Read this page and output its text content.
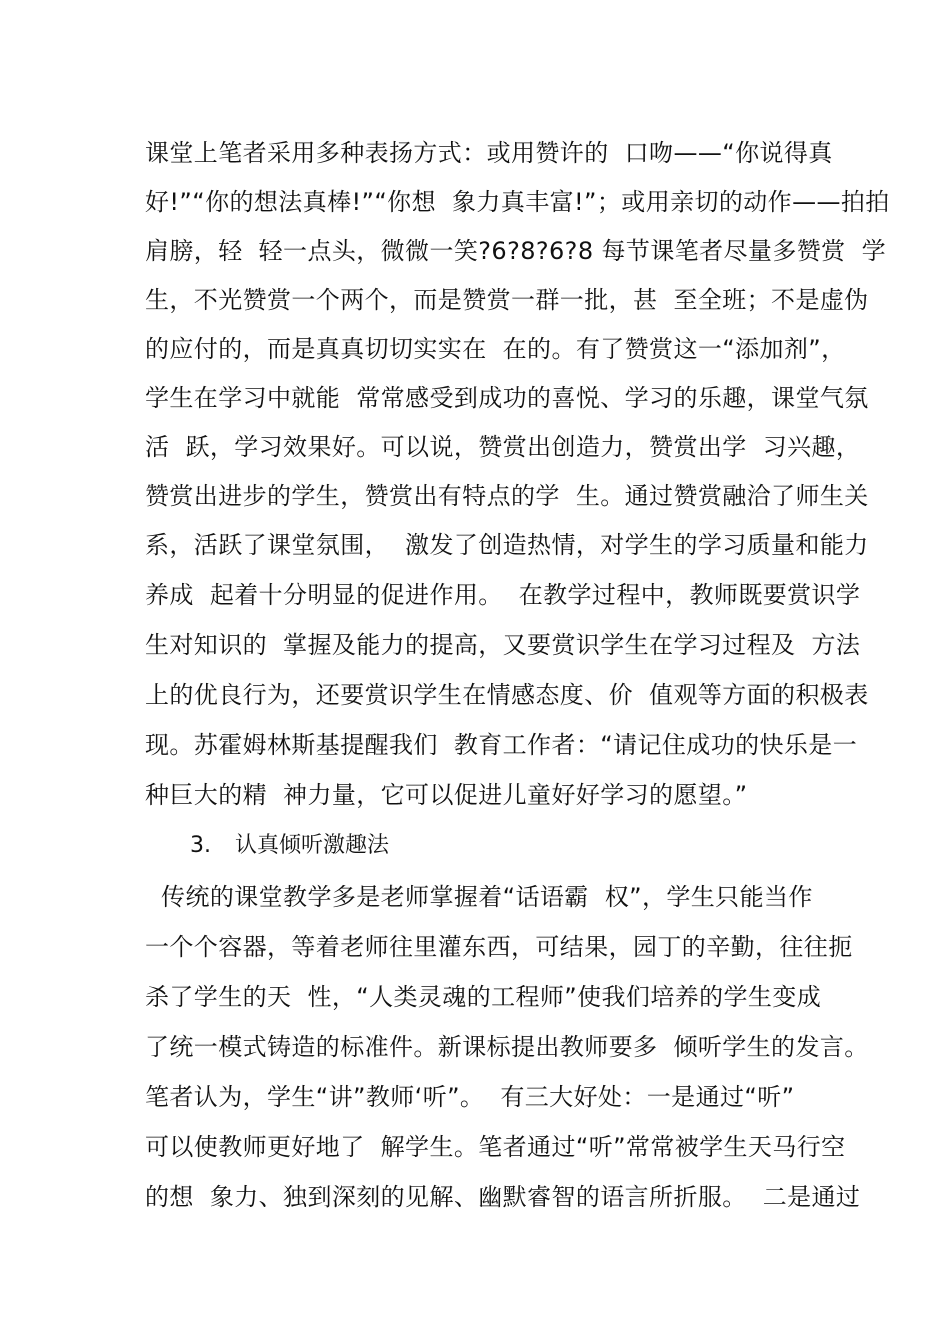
课堂上笔者采用多种表扬方式：或用赞许的  口吻——“你说得真
好!”“你的想法真棒!”“你想  象力真丰富!”；或用亲切的动作——拍拍
肩膀，轻  轻一点头，微微一笑?6?8?6?8 每节课笔者尽量多赞赏  学
生，不光赞赏一个两个，而是赞赏一群一批，甚  至全班；不是虚伪
的应付的，而是真真切切实实在  在的。有了赞赏这一“添加剂”，
学生在学习中就能  常常感受到成功的喜悦、学习的乐趣，课堂气氛
活  跃，学习效果好。可以说，赞赏出创造力，赞赏出学  习兴趣，
赞赏出进步的学生，赞赏出有特点的学  生。通过赞赏融洽了师生关
系，活跃了课堂氛围，  激发了创造热情，对学生的学习质量和能力
养成  起着十分明显的促进作用。  在教学过程中，教师既要赏识学
生对知识的  掌握及能力的提高，又要赏识学生在学习过程及  方法
上的优良行为，还要赏识学生在情感态度、价  值观等方面的积极表
现。苏霍姆林斯基提醒我们  教育工作者：“请记住成功的快乐是一
种巨大的精  神力量，它可以促进儿童好好学习的愿望。”
3. 认真倾听激趣法
传统的课堂教学多是老师掌握着“话语霸  权”，学生只能当作
一个个容器，等着老师往里灌东西，可结果，园丁的辛勤，往往扼
杀了学生的天  性，“人类灵魂的工程师”使我们培养的学生变成
了统一模式铸造的标准件。新课标提出教师要多  倾听学生的发言。
笔者认为，学生“讲”教师‘听”。  有三大好处：一是通过“听”
可以使教师更好地了  解学生。笔者通过“听”常常被学生天马行空
的想  象力、独到深刻的见解、幽默睿智的语言所折服。  二是通过
